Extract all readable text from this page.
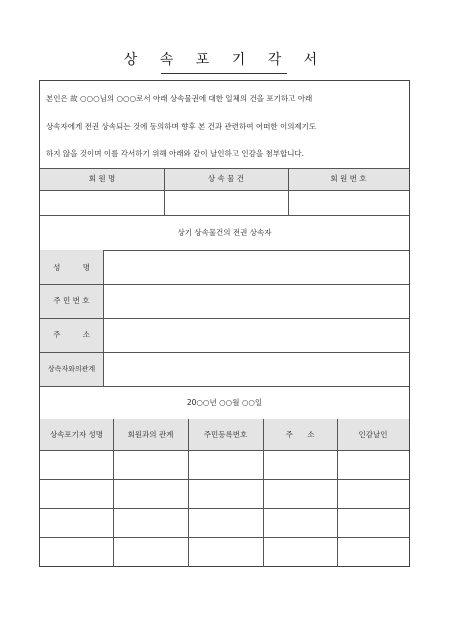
상 속 포 기 각 서
본인은 故 ○○○님의 ○○○로서 아래 상속물권에 대한 일체의 건을 포기하고 아래
상속자에게 전권 상속되는 것에 동의하며 향후 본 건과 관련하여 어떠한 이의제기도
하지 않을 것이며 이를 각서하기 위해 아래와 같이 날인하고 인감을 첨부합니다.
회 원 명	상 속 물 건	회 원 번 호
상기 상속물건의 전권 상속자
성 명
주 민 번 호
주 소
상속자와의관계
20○○년 ○○월 ○○일
상속포기자 성명	회원과의 관계	주민등록번호	주 소	인감날인
